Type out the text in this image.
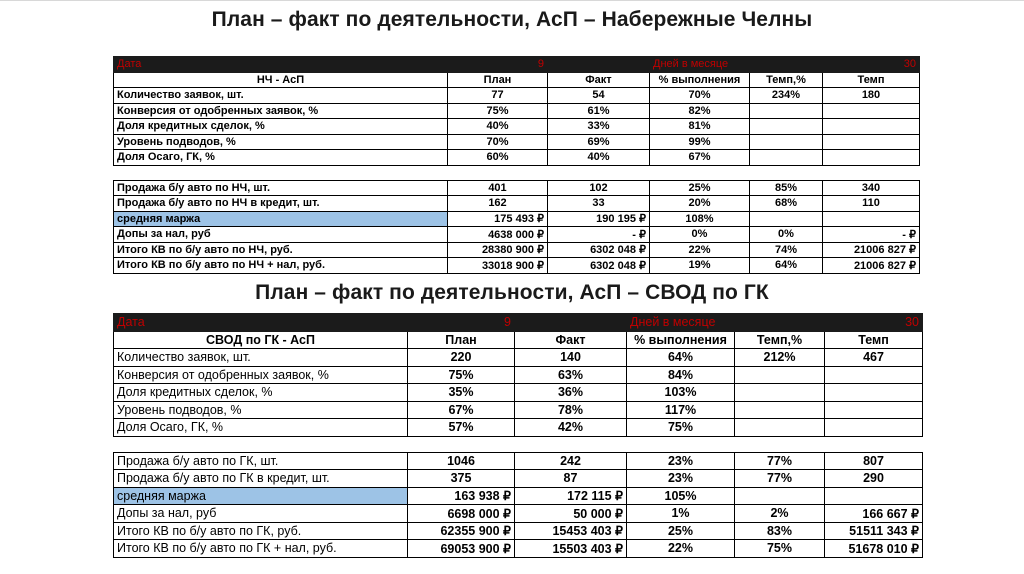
План – факт по деятельности, АсП – Набережные Челны
Дата	9		Дней в месяце		30
НЧ - АсП	План	Факт	% выполнения	Темп,%	Темп
Количество заявок, шт.	77	54	70%	234%	180
Конверсия от одобренных заявок, %	75%	61%	82%		
Доля кредитных сделок, %	40%	33%	81%		
Уровень подводов, %	70%	69%	99%		
Доля Осаго, ГК, %	60%	40%	67%		

Продажа б/у авто по НЧ, шт.	401	102	25%	85%	340
Продажа б/у авто по НЧ в кредит, шт.	162	33	20%	68%	110
средняя маржа	175 493 ₽	190 195 ₽	108%		
Допы за нал, руб	4638 000 ₽	- ₽	0%	0%	- ₽
Итого КВ по б/у авто по НЧ, руб.	28380 900 ₽	6302 048 ₽	22%	74%	21006 827 ₽
Итого КВ по б/у авто по НЧ + нал, руб.	33018 900 ₽	6302 048 ₽	19%	64%	21006 827 ₽
План – факт по деятельности, АсП – СВОД по ГК
Дата	9		Дней в месяце		30
СВОД по ГК - АсП	План	Факт	% выполнения	Темп,%	Темп
Количество заявок, шт.	220	140	64%	212%	467
Конверсия от одобренных заявок, %	75%	63%	84%		
Доля кредитных сделок, %	35%	36%	103%		
Уровень подводов, %	67%	78%	117%		
Доля Осаго, ГК, %	57%	42%	75%		

Продажа б/у авто по ГК, шт.	1046	242	23%	77%	807
Продажа б/у авто по ГК в кредит, шт.	375	87	23%	77%	290
средняя маржа	163 938 ₽	172 115 ₽	105%		
Допы за нал, руб	6698 000 ₽	50 000 ₽	1%	2%	166 667 ₽
Итого КВ по б/у авто по ГК, руб.	62355 900 ₽	15453 403 ₽	25%	83%	51511 343 ₽
Итого КВ по б/у авто по ГК + нал, руб.	69053 900 ₽	15503 403 ₽	22%	75%	51678 010 ₽
